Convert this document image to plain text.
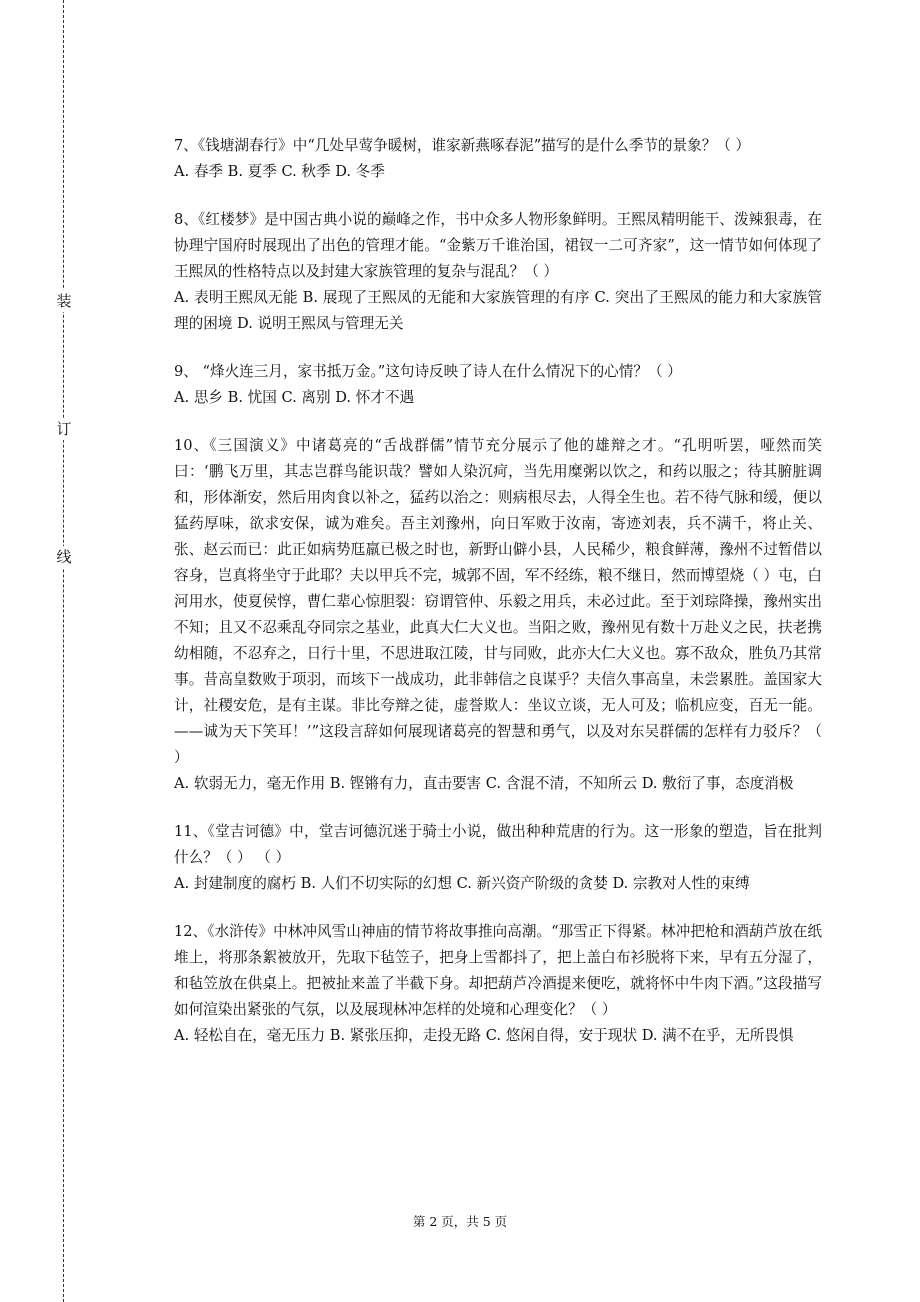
装
订
线

7、《钱塘湖春行》中“几处早莺争暖树，谁家新燕啄春泥”描写的是什么季节的景象？（ ）

A. 春季 B. 夏季 C. 秋季 D. 冬季

8、《红楼梦》是中国古典小说的巅峰之作，书中众多人物形象鲜明。王熙凤精明能干、泼辣狠毒，在协理宁国府时展现出了出色的管理才能。“金紫万千谁治国，裙钗一二可齐家”，这一情节如何体现了王熙凤的性格特点以及封建大家族管理的复杂与混乱？（ ）

A. 表明王熙凤无能 B. 展现了王熙凤的无能和大家族管理的有序 C. 突出了王熙凤的能力和大家族管理的困境 D. 说明王熙凤与管理无关

9、 “烽火连三月，家书抵万金。”这句诗反映了诗人在什么情况下的心情？（ ）

A. 思乡 B. 忧国 C. 离别 D. 怀才不遇

10、《三国演义》中诸葛亮的“舌战群儒”情节充分展示了他的雄辩之才。“孔明听罢，哑然而笑曰：‘鹏飞万里，其志岂群鸟能识哉？譬如人染沉疴，当先用糜粥以饮之，和药以服之；待其腑脏调和，形体渐安，然后用肉食以补之，猛药以治之：则病根尽去，人得全生也。若不待气脉和缓，便以猛药厚味，欲求安保，诚为难矣。吾主刘豫州，向日军败于汝南，寄迹刘表，兵不满千，将止关、张、赵云而已：此正如病势尫羸已极之时也，新野山僻小县，人民稀少，粮食鲜薄，豫州不过暂借以容身，岂真将坐守于此耶？夫以甲兵不完，城郭不固，军不经练，粮不继日，然而博望烧（ ）屯，白河用水，使夏侯惇，曹仁辈心惊胆裂：窃谓管仲、乐毅之用兵，未必过此。至于刘琮降操，豫州实出不知；且又不忍乘乱夺同宗之基业，此真大仁大义也。当阳之败，豫州见有数十万赴义之民，扶老携幼相随，不忍弃之，日行十里，不思进取江陵，甘与同败，此亦大仁大义也。寡不敌众，胜负乃其常事。昔高皇数败于项羽，而垓下一战成功，此非韩信之良谋乎？夫信久事高皇，未尝累胜。盖国家大计，社稷安危，是有主谋。非比夸辩之徒，虚誉欺人：坐议立谈，无人可及；临机应变，百无一能。——诚为天下笑耳！’”这段言辞如何展现诸葛亮的智慧和勇气，以及对东吴群儒的怎样有力驳斥？（ ）

A. 软弱无力，毫无作用 B. 铿锵有力，直击要害 C. 含混不清，不知所云 D. 敷衍了事，态度消极

11、《堂吉诃德》中，堂吉诃德沉迷于骑士小说，做出种种荒唐的行为。这一形象的塑造，旨在批判什么？（ ） （ ）

A. 封建制度的腐朽 B. 人们不切实际的幻想 C. 新兴资产阶级的贪婪 D. 宗教对人性的束缚

12、《水浒传》中林冲风雪山神庙的情节将故事推向高潮。“那雪正下得紧。林冲把枪和酒葫芦放在纸堆上，将那条絮被放开，先取下毡笠子，把身上雪都抖了，把上盖白布衫脱将下来，早有五分湿了，和毡笠放在供桌上。把被扯来盖了半截下身。却把葫芦冷酒提来便吃，就将怀中牛肉下酒。”这段描写如何渲染出紧张的气氛，以及展现林冲怎样的处境和心理变化？（ ）

A. 轻松自在，毫无压力 B. 紧张压抑，走投无路 C. 悠闲自得，安于现状 D. 满不在乎，无所畏惧

第 2 页，共 5 页
